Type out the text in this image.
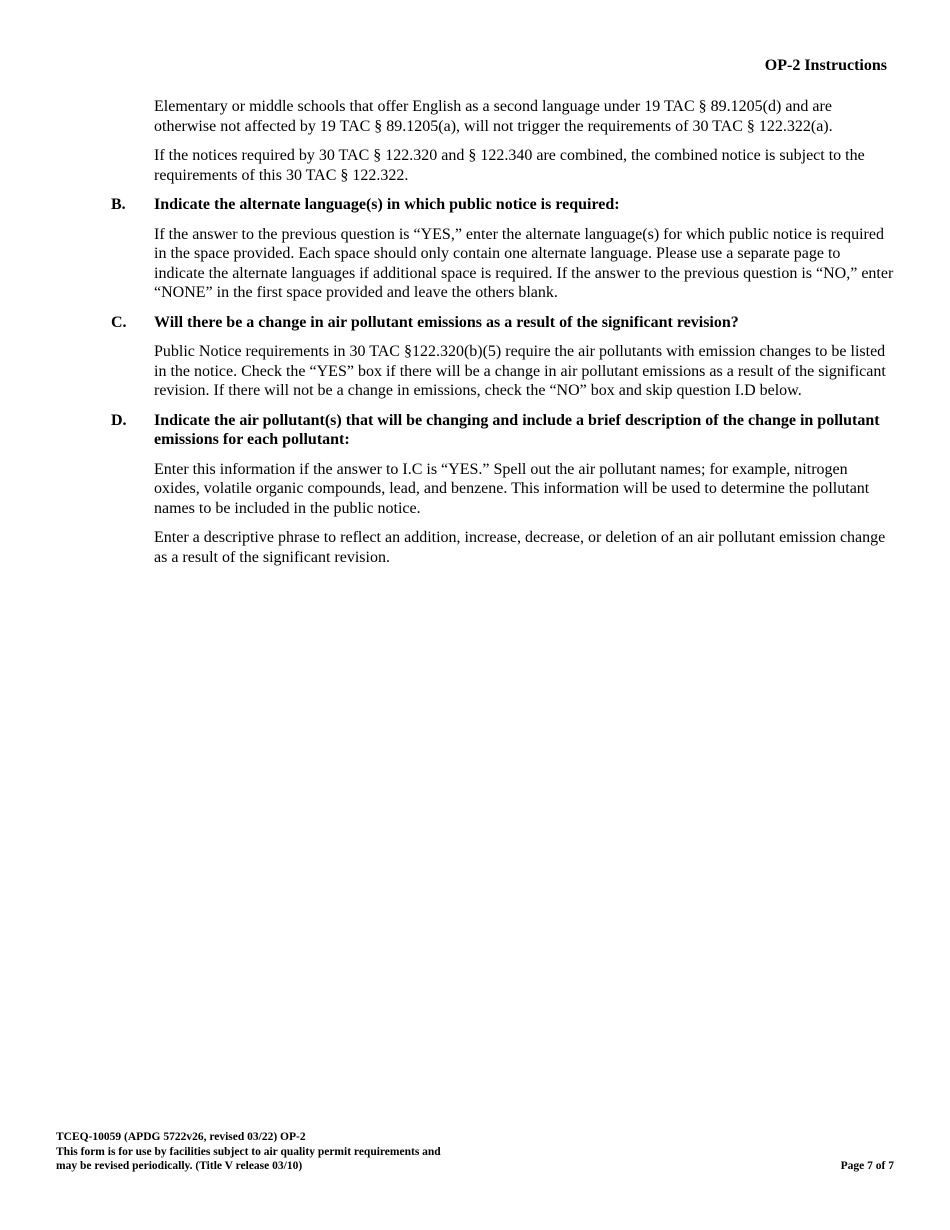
OP-2 Instructions

Elementary or middle schools that offer English as a second language under 19 TAC § 89.1205(d) and are otherwise not affected by 19 TAC § 89.1205(a), will not trigger the requirements of 30 TAC § 122.322(a).

If the notices required by 30 TAC § 122.320 and § 122.340 are combined, the combined notice is subject to the requirements of this 30 TAC § 122.322.

B.	Indicate the alternate language(s) in which public notice is required:

If the answer to the previous question is “YES,” enter the alternate language(s) for which public notice is required in the space provided. Each space should only contain one alternate language. Please use a separate page to indicate the alternate languages if additional space is required. If the answer to the previous question is “NO,” enter “NONE” in the first space provided and leave the others blank.

C.	Will there be a change in air pollutant emissions as a result of the significant revision?

Public Notice requirements in 30 TAC §122.320(b)(5) require the air pollutants with emission changes to be listed in the notice. Check the “YES” box if there will be a change in air pollutant emissions as a result of the significant revision. If there will not be a change in emissions, check the “NO” box and skip question I.D below.

D.	Indicate the air pollutant(s) that will be changing and include a brief description of the change in pollutant emissions for each pollutant:

Enter this information if the answer to I.C is “YES.” Spell out the air pollutant names; for example, nitrogen oxides, volatile organic compounds, lead, and benzene. This information will be used to determine the pollutant names to be included in the public notice.

Enter a descriptive phrase to reflect an addition, increase, decrease, or deletion of an air pollutant emission change as a result of the significant revision.

TCEQ-10059 (APDG 5722v26, revised 03/22) OP-2
This form is for use by facilities subject to air quality permit requirements and
may be revised periodically. (Title V release 03/10)	Page 7 of 7
